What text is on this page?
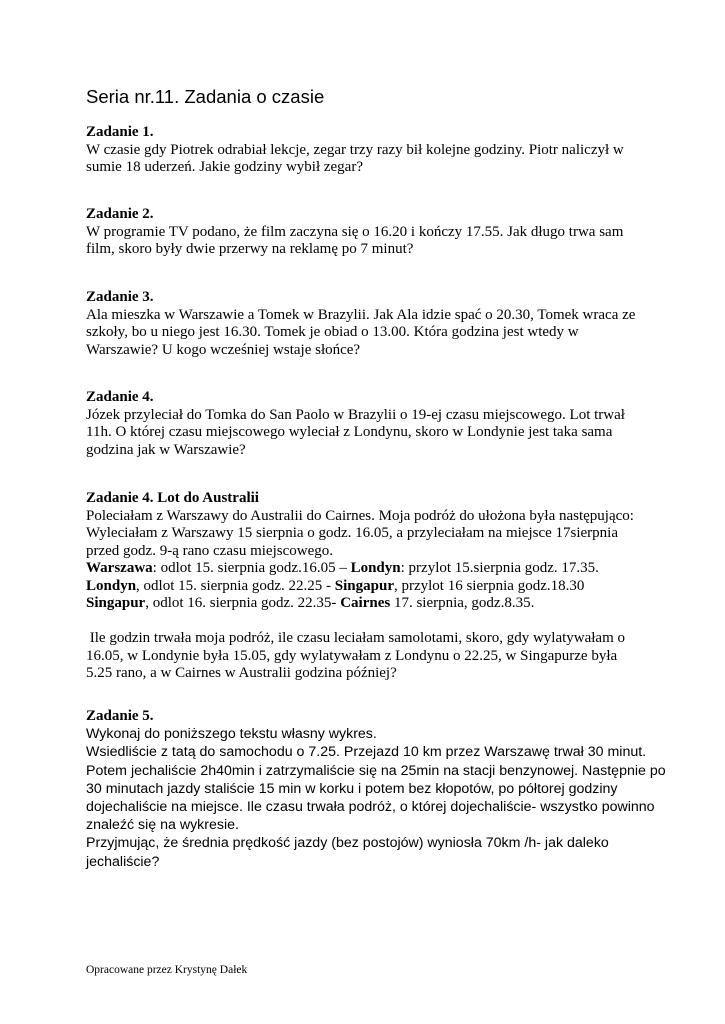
Seria nr.11. Zadania o czasie
Zadanie 1.
W czasie gdy Piotrek odrabiał lekcje, zegar trzy razy bił kolejne godziny. Piotr naliczył w
sumie 18 uderzeń. Jakie godziny wybił zegar?
Zadanie 2.
W programie TV podano, że film zaczyna się o 16.20 i kończy 17.55. Jak długo trwa sam
film, skoro były dwie przerwy na reklamę po 7 minut?
Zadanie 3.
Ala mieszka w Warszawie a Tomek w Brazylii. Jak Ala idzie spać o 20.30, Tomek wraca ze
szkoły, bo u niego jest 16.30. Tomek je obiad o 13.00. Która godzina jest wtedy w
Warszawie? U kogo wcześniej wstaje słońce?
Zadanie 4.
Józek przyleciał do Tomka do San Paolo w Brazylii o 19-ej czasu miejscowego. Lot trwał
11h. O której czasu miejscowego wyleciał z Londynu, skoro w Londynie jest taka sama
godzina jak w Warszawie?
Zadanie 4. Lot do Australii
Poleciałam z Warszawy do Australii do Cairnes. Moja podróż do ułożona była następująco:
Wyleciałam z Warszawy 15 sierpnia o godz. 16.05, a przyleciałam na miejsce 17sierpnia
przed godz. 9-ą rano czasu miejscowego.
Warszawa: odlot 15. sierpnia godz.16.05 – Londyn: przylot 15.sierpnia godz. 17.35.
Londyn, odlot 15. sierpnia godz. 22.25 - Singapur, przylot 16 sierpnia godz.18.30
Singapur, odlot 16. sierpnia godz. 22.35- Cairnes 17. sierpnia, godz.8.35.
Ile godzin trwała moja podróż, ile czasu leciałam samolotami, skoro, gdy wylatywałam o
16.05, w Londynie była 15.05, gdy wylatywałam z Londynu o 22.25, w Singapurze była
5.25 rano, a w Cairnes w Australii godzina później?
Zadanie 5.
Wykonaj do poniższego tekstu własny wykres.
Wsiedliście z tatą do samochodu o 7.25. Przejazd 10 km przez Warszawę trwał 30 minut.
Potem jechaliście 2h40min i zatrzymaliście się na 25min na stacji benzynowej. Następnie po
30 minutach jazdy staliście 15 min w korku i potem bez kłopotów, po półtorej godziny
dojechaliście na miejsce. Ile czasu trwała podróż, o której dojechaliście- wszystko powinno
znaleźć się na wykresie.
Przyjmując, że średnia prędkość jazdy (bez postojów) wyniosła 70km /h- jak daleko
jechaliście?
Opracowane przez Krystynę Dałek
